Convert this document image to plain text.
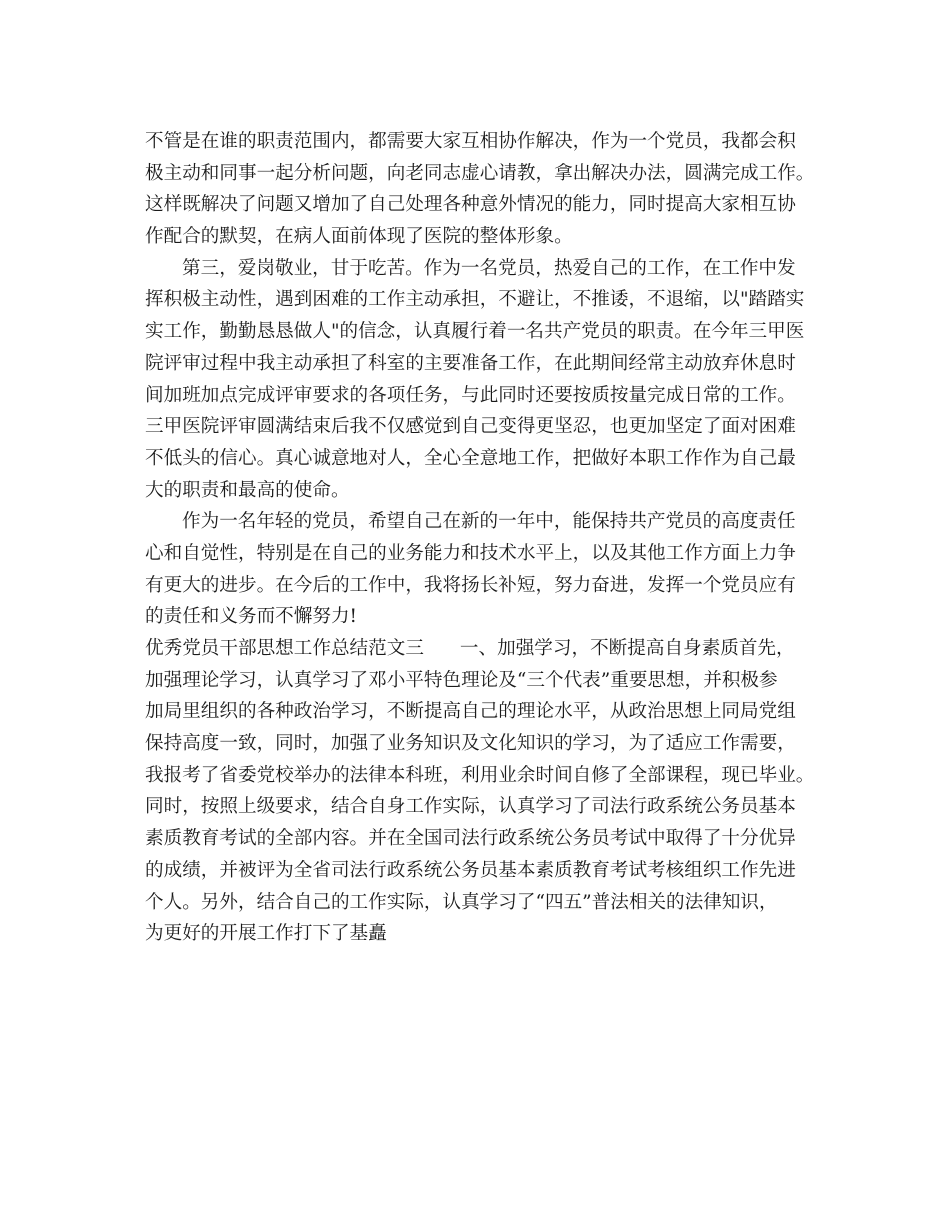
不管是在谁的职责范围内，都需要大家互相协作解决，作为一个党员，我都会积
极主动和同事一起分析问题，向老同志虚心请教，拿出解决办法，圆满完成工作。
这样既解决了问题又增加了自己处理各种意外情况的能力，同时提高大家相互协
作配合的默契，在病人面前体现了医院的整体形象。
第三，爱岗敬业，甘于吃苦。作为一名党员，热爱自己的工作，在工作中发
挥积极主动性，遇到困难的工作主动承担，不避让，不推诿，不退缩，以"踏踏实
实工作，勤勤恳恳做人"的信念，认真履行着一名共产党员的职责。在今年三甲医
院评审过程中我主动承担了科室的主要准备工作，在此期间经常主动放弃休息时
间加班加点完成评审要求的各项任务，与此同时还要按质按量完成日常的工作。
三甲医院评审圆满结束后我不仅感觉到自己变得更坚忍，也更加坚定了面对困难
不低头的信心。真心诚意地对人，全心全意地工作，把做好本职工作作为自己最
大的职责和最高的使命。
作为一名年轻的党员，希望自己在新的一年中，能保持共产党员的高度责任
心和自觉性，特别是在自己的业务能力和技术水平上，以及其他工作方面上力争
有更大的进步。在今后的工作中，我将扬长补短，努力奋进，发挥一个党员应有
的责任和义务而不懈努力!
优秀党员干部思想工作总结范文三 一、加强学习，不断提高自身素质首先，
加强理论学习，认真学习了邓小平特色理论及“三个代表”重要思想，并积极参
加局里组织的各种政治学习，不断提高自己的理论水平，从政治思想上同局党组
保持高度一致，同时，加强了业务知识及文化知识的学习，为了适应工作需要，
我报考了省委党校举办的法律本科班，利用业余时间自修了全部课程，现已毕业。
同时，按照上级要求，结合自身工作实际，认真学习了司法行政系统公务员基本
素质教育考试的全部内容。并在全国司法行政系统公务员考试中取得了十分优异
的成绩，并被评为全省司法行政系统公务员基本素质教育考试考核组织工作先进
个人。另外，结合自己的工作实际，认真学习了“四五”普法相关的法律知识，
为更好的开展工作打下了基矗
